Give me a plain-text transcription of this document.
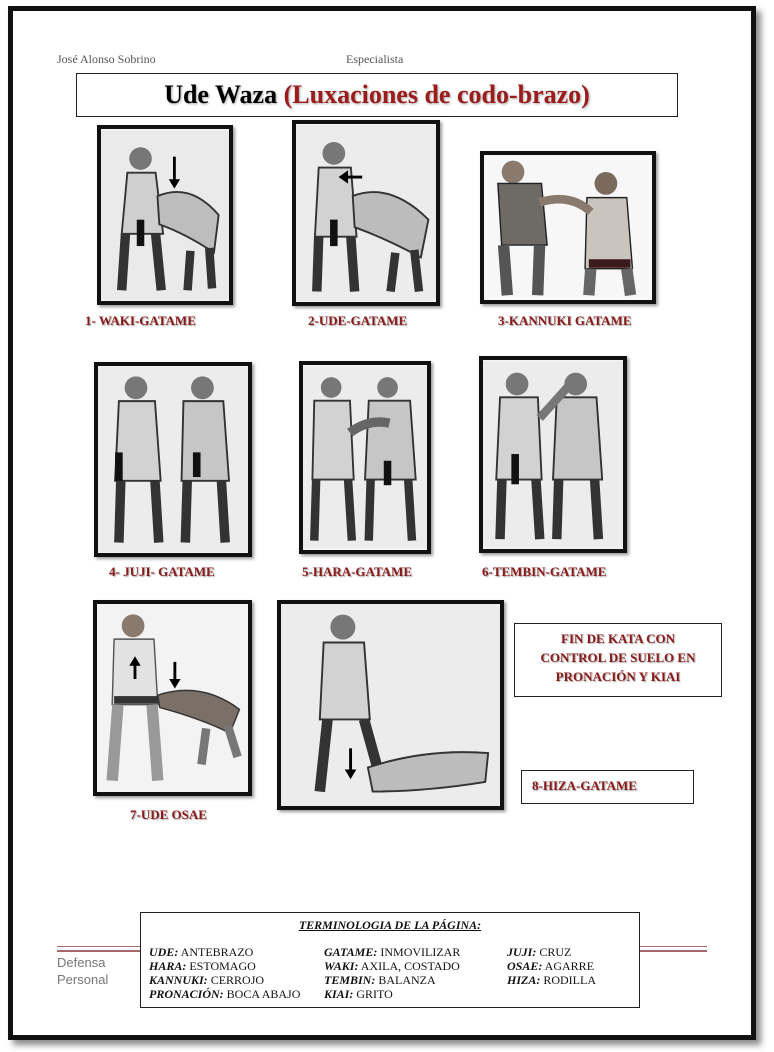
José Alonso Sobrino	Especialista
Ude Waza (Luxaciones de codo-brazo)
1- WAKI-GATAME	2-UDE-GATAME	3-KANNUKI GATAME
4- JUJI- GATAME	5-HARA-GATAME	6-TEMBIN-GATAME
7-UDE OSAE
FIN DE KATA CON
CONTROL DE SUELO EN
PRONACIÓN Y KIAI
8-HIZA-GATAME
Defensa
Personal
TERMINOLOGIA DE LA PÁGINA:
UDE: ANTEBRAZO	GATAME: INMOVILIZAR	JUJI: CRUZ
HARA: ESTOMAGO	WAKI: AXILA, COSTADO	OSAE: AGARRE
KANNUKI: CERROJO	TEMBIN: BALANZA	HIZA: RODILLA
PRONACIÓN: BOCA ABAJO KIAI: GRITO
